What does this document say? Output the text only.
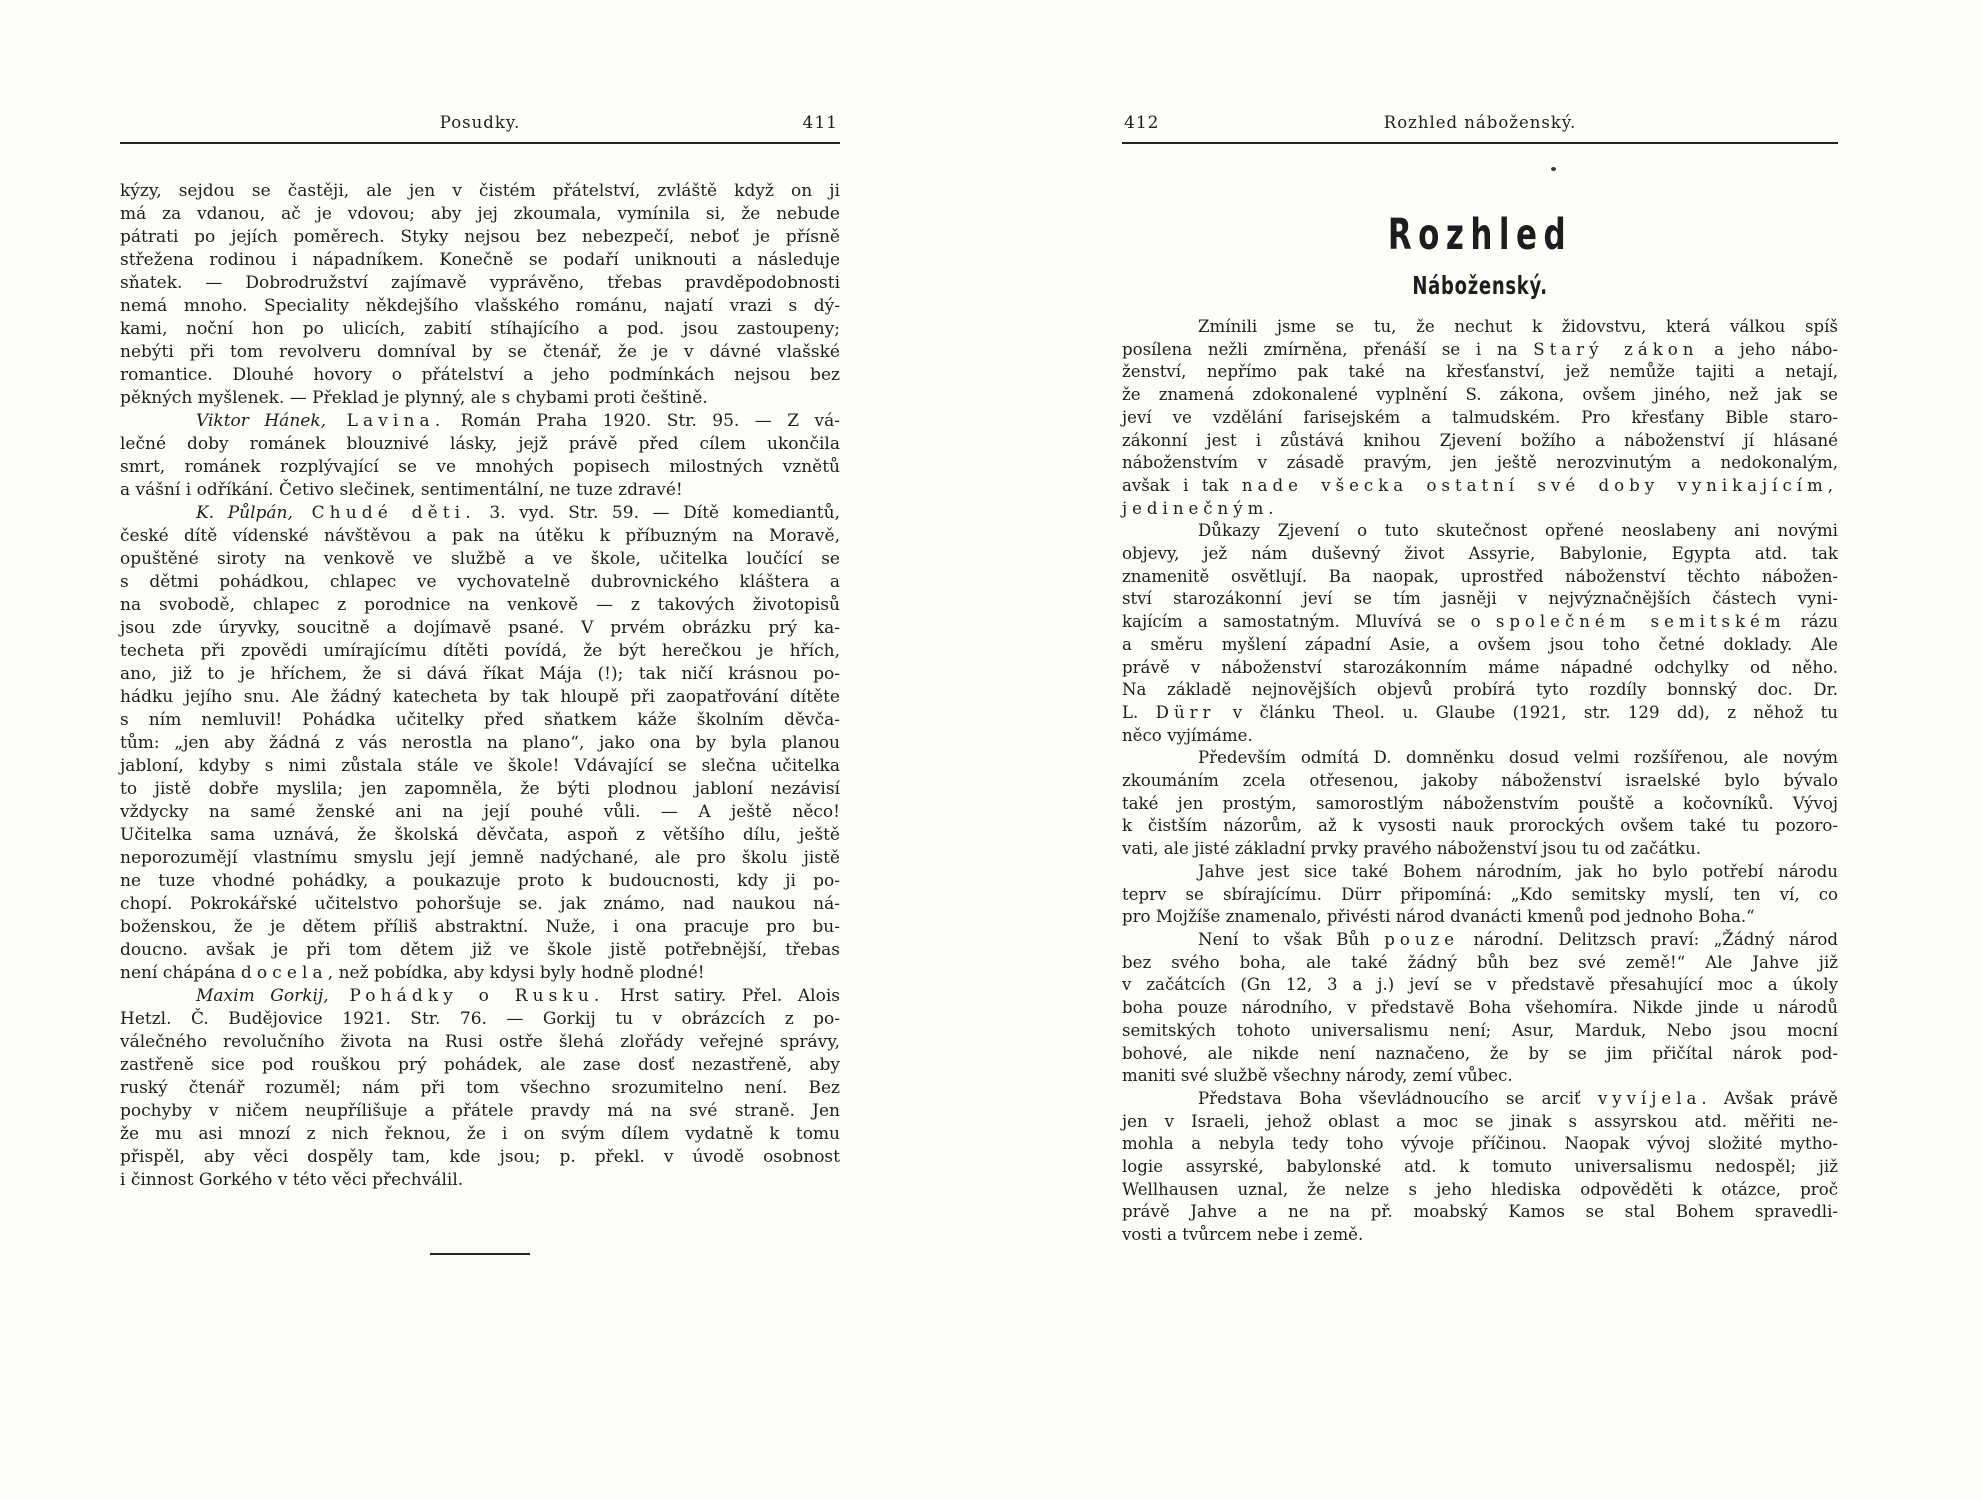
Posudky.	411
kýzy, sejdou se častěji, ale jen v čistém přátelství, zvláště když on ji
má za vdanou, ač je vdovou; aby jej zkoumala, vymínila si, že nebude
pátrati po jejích poměrech. Styky nejsou bez nebezpečí, neboť je přísně
střežena rodinou i nápadníkem. Konečně se podaří uniknouti a následuje
sňatek. — Dobrodružství zajímavě vyprávěno, třebas pravděpodobnosti
nemá mnoho. Speciality někdejšího vlašského románu, najatí vrazi s dý-
kami, noční hon po ulicích, zabití stíhajícího a pod. jsou zastoupeny;
nebýti při tom revolveru domníval by se čtenář, že je v dávné vlašské
romantice. Dlouhé hovory o přátelství a jeho podmínkách nejsou bez
pěkných myšlenek. — Překlad je plynný, ale s chybami proti češtině.
Viktor Hánek, Lavina. Román Praha 1920. Str. 95. — Z vá-
lečné doby románek blouznivé lásky, jejž právě před cílem ukončila
smrt, románek rozplývající se ve mnohých popisech milostných vznětů
a vášní i odříkání. Četivo slečinek, sentimentální, ne tuze zdravé!
K. Půlpán, Chudé děti. 3. vyd. Str. 59. — Dítě komediantů,
české dítě vídenské návštěvou a pak na útěku k příbuzným na Moravě,
opuštěné siroty na venkově ve službě a ve škole, učitelka loučící se
s dětmi pohádkou, chlapec ve vychovatelně dubrovnického kláštera a
na svobodě, chlapec z porodnice na venkově — z takových životopisů
jsou zde úryvky, soucitně a dojímavě psané. V prvém obrázku prý ka-
techeta při zpovědi umírajícímu dítěti povídá, že být herečkou je hřích,
ano, již to je hříchem, že si dává říkat Mája (!); tak ničí krásnou po-
hádku jejího snu. Ale žádný katecheta by tak hloupě při zaopatřování dítěte
s ním nemluvil! Pohádka učitelky před sňatkem káže školním děvča-
tům: „jen aby žádná z vás nerostla na plano“, jako ona by byla planou
jabloní, kdyby s nimi zůstala stále ve škole! Vdávající se slečna učitelka
to jistě dobře myslila; jen zapomněla, že býti plodnou jabloní nezávisí
vždycky na samé ženské ani na její pouhé vůli. — A ještě něco!
Učitelka sama uznává, že školská děvčata, aspoň z většího dílu, ještě
neporozumějí vlastnímu smyslu její jemně nadýchané, ale pro školu jistě
ne tuze vhodné pohádky, a poukazuje proto k budoucnosti, kdy ji po-
chopí. Pokrokářské učitelstvo pohoršuje se. jak známo, nad naukou ná-
boženskou, že je dětem příliš abstraktní. Nuže, i ona pracuje pro bu-
doucno. avšak je při tom dětem již ve škole jistě potřebnější, třebas
není chápána docela, než pobídka, aby kdysi byly hodně plodné!
Maxim Gorkij, Pohádky o Rusku. Hrst satiry. Přel. Alois
Hetzl. Č. Budějovice 1921. Str. 76. — Gorkij tu v obrázcích z po-
válečného revolučního života na Rusi ostře šlehá zlořády veřejné správy,
zastřeně sice pod rouškou prý pohádek, ale zase dosť nezastřeně, aby
ruský čtenář rozuměl; nám při tom všechno srozumitelno není. Bez
pochyby v ničem neupřílišuje a přátele pravdy má na své straně. Jen
že mu asi mnozí z nich řeknou, že i on svým dílem vydatně k tomu
přispěl, aby věci dospěly tam, kde jsou; p. překl. v úvodě osobnost
i činnost Gorkého v této věci přechválil.
412	Rozhled náboženský.
Rozhled
Náboženský.
Zmínili jsme se tu, že nechut k židovstvu, která válkou spíš
posílena nežli zmírněna, přenáší se i na Starý zákon a jeho nábo-
ženství, nepřímo pak také na křesťanství, jež nemůže tajiti a netají,
že znamená zdokonalené vyplnění S. zákona, ovšem jiného, než jak se
jeví ve vzdělání farisejském a talmudském. Pro křesťany Bible staro-
zákonní jest i zůstává knihou Zjevení božího a náboženství jí hlásané
náboženstvím v zásadě pravým, jen ještě nerozvinutým a nedokonalým,
avšak i tak nade všecka ostatní své doby vynikajícím,
jedinečným.
Důkazy Zjevení o tuto skutečnost opřené neoslabeny ani novými
objevy, jež nám duševný život Assyrie, Babylonie, Egypta atd. tak
znamenitě osvětlují. Ba naopak, uprostřed náboženství těchto nábožen-
ství starozákonní jeví se tím jasněji v nejvýznačnějších částech vyni-
kajícím a samostatným. Mluvívá se o společném semitském rázu
a směru myšlení západní Asie, a ovšem jsou toho četné doklady. Ale
právě v náboženství starozákonním máme nápadné odchylky od něho.
Na základě nejnovějších objevů probírá tyto rozdíly bonnský doc. Dr.
L. Dürr v článku Theol. u. Glaube (1921, str. 129 dd), z něhož tu
něco vyjímáme.
Především odmítá D. domněnku dosud velmi rozšířenou, ale novým
zkoumáním zcela otřesenou, jakoby náboženství israelské bylo bývalo
také jen prostým, samorostlým náboženstvím pouště a kočovníků. Vývoj
k čistším názorům, až k vysosti nauk prorockých ovšem také tu pozoro-
vati, ale jisté základní prvky pravého náboženství jsou tu od začátku.
Jahve jest sice také Bohem národním, jak ho bylo potřebí národu
teprv se sbírajícímu. Dürr připomíná: „Kdo semitsky myslí, ten ví, co
pro Mojžíše znamenalo, přivésti národ dvanácti kmenů pod jednoho Boha.“
Není to však Bůh pouze národní. Delitzsch praví: „Žádný národ
bez svého boha, ale také žádný bůh bez své země!“ Ale Jahve již
v začátcích (Gn 12, 3 a j.) jeví se v představě přesahující moc a úkoly
boha pouze národního, v představě Boha všehomíra. Nikde jinde u národů
semitských tohoto universalismu není; Asur, Marduk, Nebo jsou mocní
bohové, ale nikde není naznačeno, že by se jim přičítal nárok pod-
maniti své službě všechny národy, zemí vůbec.
Představa Boha vševládnoucího se arciť vyvíjela. Avšak právě
jen v Israeli, jehož oblast a moc se jinak s assyrskou atd. měřiti ne-
mohla a nebyla tedy toho vývoje příčinou. Naopak vývoj složité mytho-
logie assyrské, babylonské atd. k tomuto universalismu nedospěl; již
Wellhausen uznal, že nelze s jeho hlediska odpověděti k otázce, proč
právě Jahve a ne na př. moabský Kamos se stal Bohem spravedli-
vosti a tvůrcem nebe i země.
